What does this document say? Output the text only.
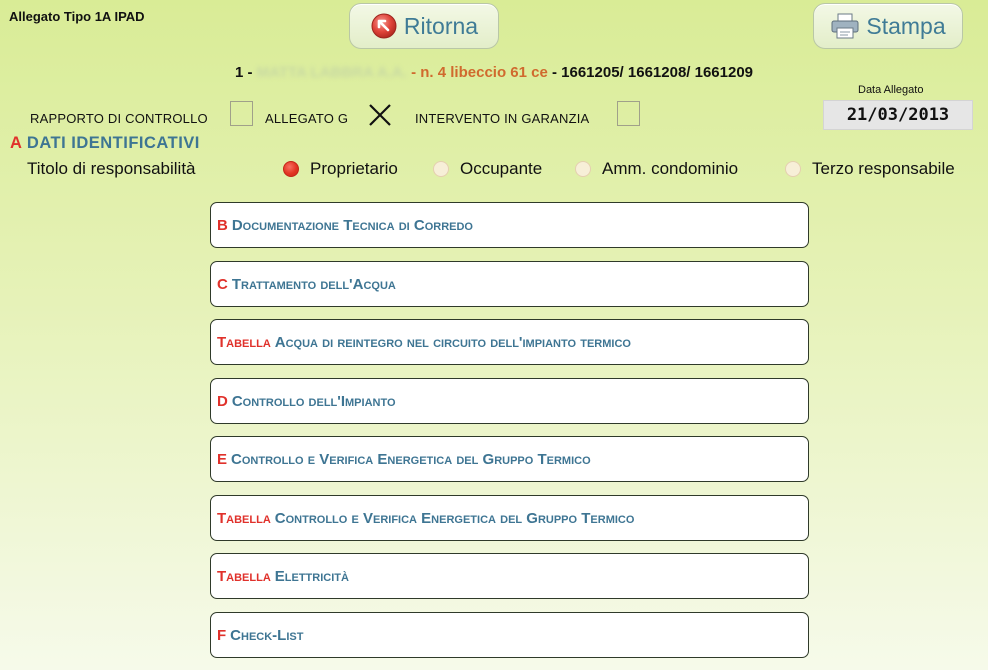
Allegato Tipo 1A IPAD	Ritorna	Stampa
1 - MATTA LABBRA A.A. - n. 4 libeccio 61 ce - 1661205/ 1661208/ 1661209
Data Allegato
21/03/2013
RAPPORTO DI CONTROLLO	ALLEGATO G	INTERVENTO IN GARANZIA
A DATI IDENTIFICATIVI
Titolo di responsabilità	Proprietario	Occupante	Amm. condominio	Terzo responsabile
B Documentazione Tecnica di Corredo
C Trattamento dell'Acqua
Tabella Acqua di reintegro nel circuito dell'impianto termico
D Controllo dell'Impianto
E Controllo e Verifica Energetica del Gruppo Termico
Tabella Controllo e Verifica Energetica del Gruppo Termico
Tabella Elettricità
F Check-List
